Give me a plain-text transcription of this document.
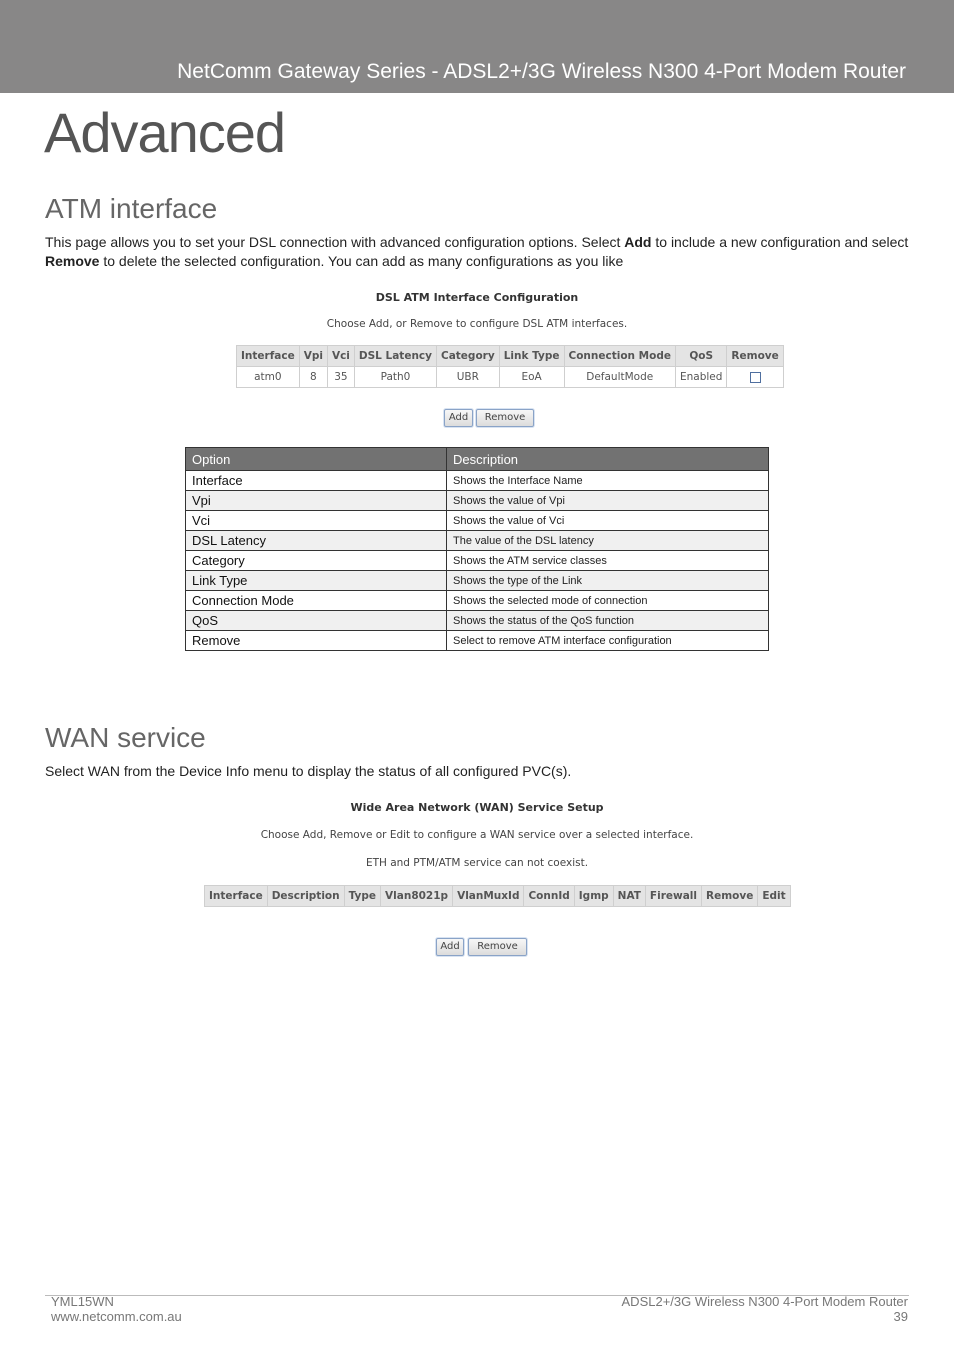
NetComm Gateway Series - ADSL2+/3G Wireless N300 4-Port Modem Router
Advanced
ATM interface
This page allows you to set your DSL connection with advanced configuration options. Select Add to include a new configuration and select Remove to delete the selected configuration. You can add as many configurations as you like
DSL ATM Interface Configuration
Choose Add, or Remove to configure DSL ATM interfaces.
Interface	Vpi	Vci	DSL Latency	Category	Link Type	Connection Mode	QoS	Remove
atm0	8	35	Path0	UBR	EoA	DefaultMode	Enabled	
Add	Remove
Option	Description
Interface	Shows the Interface Name
Vpi	Shows the value of Vpi
Vci	Shows the value of Vci
DSL Latency	The value of the DSL latency
Category	Shows the ATM service classes
Link Type	Shows the type of the Link
Connection Mode	Shows the selected mode of connection
QoS	Shows the status of the QoS function
Remove	Select to remove ATM interface configuration
WAN service
Select WAN from the Device Info menu to display the status of all configured PVC(s).
Wide Area Network (WAN) Service Setup
Choose Add, Remove or Edit to configure a WAN service over a selected interface.
ETH and PTM/ATM service can not coexist.
Interface	Description	Type	Vlan8021p	VlanMuxId	ConnId	Igmp	NAT	Firewall	Remove	Edit
Add	Remove
YML15WN
www.netcomm.com.au
ADSL2+/3G Wireless N300 4-Port Modem Router
39
